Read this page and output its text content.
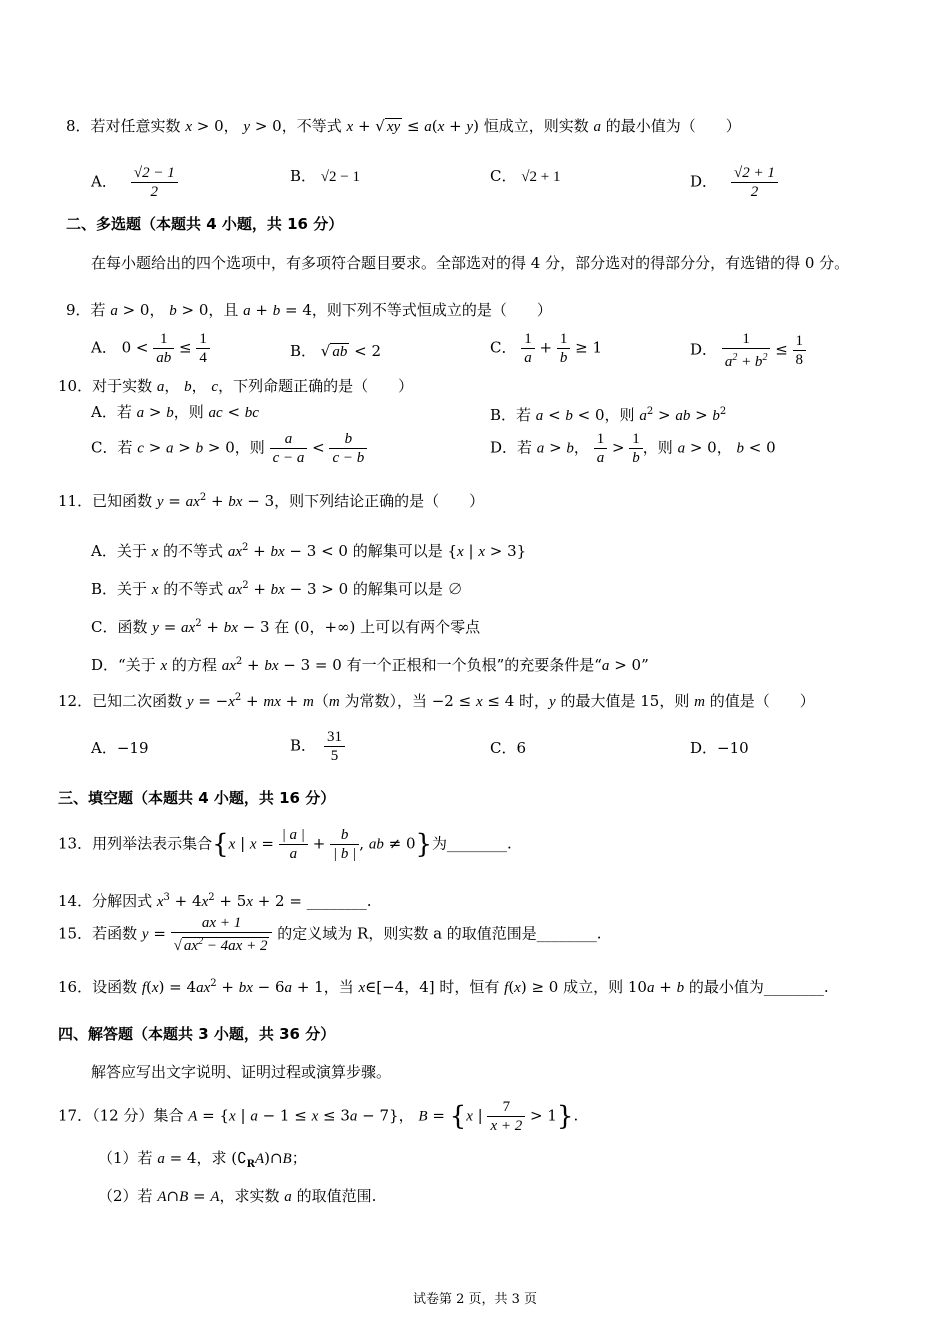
8．若对任意实数 x > 0， y > 0，不等式 x + √ xy ≤ a(x + y) 恒成立，则实数 a 的最小值为（　　）
A． $\frac{√2 - 1}{2}$	B． √2 − 1	C． √2 + 1	D． $\frac{√2 + 1}{2}$
二、多选题（本题共 4 小题，共 16 分）
在每小题给出的四个选项中，有多项符合题目要求。全部选对的得 4 分，部分选对的得部分分，有选错的得 0 分。
9．若 a > 0， b > 0，且 a + b = 4，则下列不等式恒成立的是（　　）
A． $0 < \frac{1}{ab} \le \frac{1}{4}$	B． √ ab < 2	C． $\frac{1}{a} + \frac{1}{b} \ge 1$	D． $\frac{1}{a^2 + b^2} \le \frac{1}{8}$
10．对于实数 a， b， c，下列命题正确的是（　　）
A．若 a > b，则 ac < bc	B．若 a < b < 0，则 $a^2$ > ab > $b^2$
C．若 c > a > b > 0，则 $\frac{a}{c - a} < \frac{b}{c - b}$	D．若 a > b， $\frac{1}{a} > \frac{1}{b}$ ，则 a > 0， b < 0
11．已知函数 $y = ax^2$ + bx − 3，则下列结论正确的是（　　）
A．关于 x 的不等式 $ax^2$ + bx − 3 < 0 的解集可以是 {x | x > 3}
B．关于 x 的不等式 $ax^2$ + bx − 3 > 0 的解集可以是 ∅
C．函数 $y = ax^2$ + bx − 3 在 (0，+∞) 上可以有两个零点
D．“关于 x 的方程 $ax^2$ + bx − 3 = 0 有一个正根和一个负根”的充要条件是“a > 0”
12．已知二次函数 $y = -x^2$ + mx + m（m 为常数），当 −2 ≤ x ≤ 4 时，y 的最大值是 15，则 m 的值是（　　）
A．−19	B． $\frac{31}{5}$	C．6	D．−10
三、填空题（本题共 4 小题，共 16 分）
13．用列举法表示集合{x | $x = \frac{| a |}{a} + \frac{b}{| b |}$ , ab ≠ 0}为________.
14．分解因式 $x^3 + 4x^2 + 5x + 2$ = ________.
15．若函数 $y = \frac{ax + 1}{√ ax^2 - 4ax + 2}$ 的定义域为 R，则实数 a 的取值范围是________.
16．设函数 $f(x) = 4ax^2$ + bx − 6a + 1，当 x∈[−4，4] 时，恒有 f(x) ≥ 0 成立，则 10a + b 的最小值为________.
四、解答题（本题共 3 小题，共 36 分）
解答应写出文字说明、证明过程或演算步骤。
17．（12 分）集合 A = {x | a − 1 ≤ x ≤ 3a − 7}， B = {x | $\frac{7}{x + 2} > 1$}.
（1）若 a = 4，求 $(∁_RA)\cap B$；
（2）若 A∩B = A，求实数 a 的取值范围.
试卷第 2 页，共 3 页
